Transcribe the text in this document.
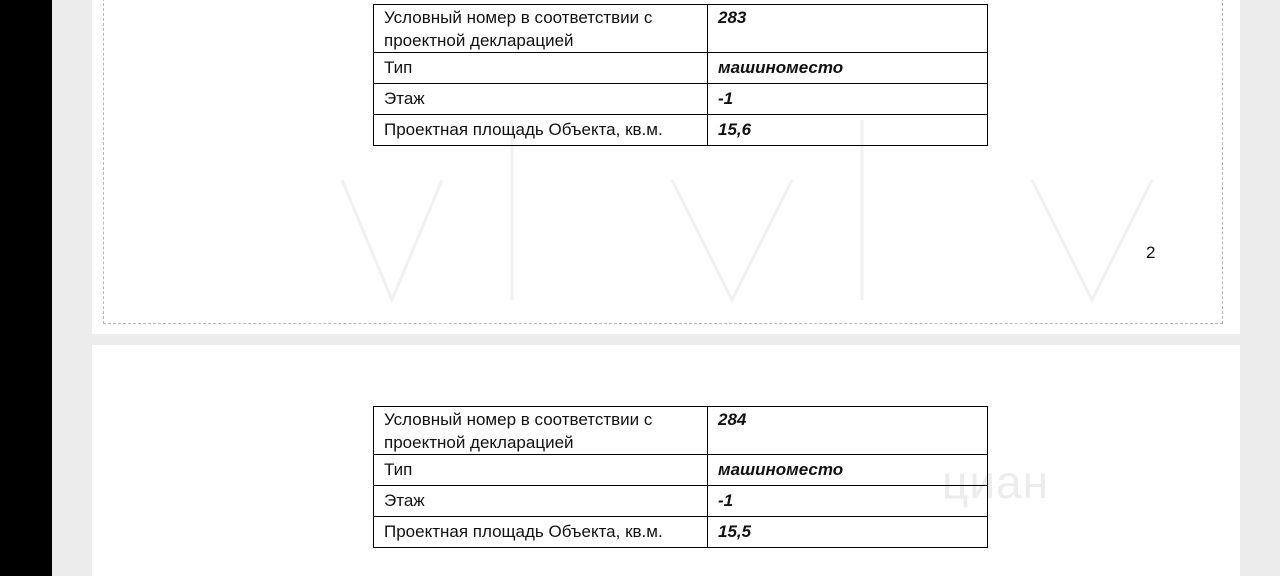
Условный номер в соответствии с проектной декларацией	283
Тип	машиноместо
Этаж	-1
Проектная площадь Объекта, кв.м.	15,6
2
циан
Условный номер в соответствии с проектной декларацией	284
Тип	машиноместо
Этаж	-1
Проектная площадь Объекта, кв.м.	15,5
